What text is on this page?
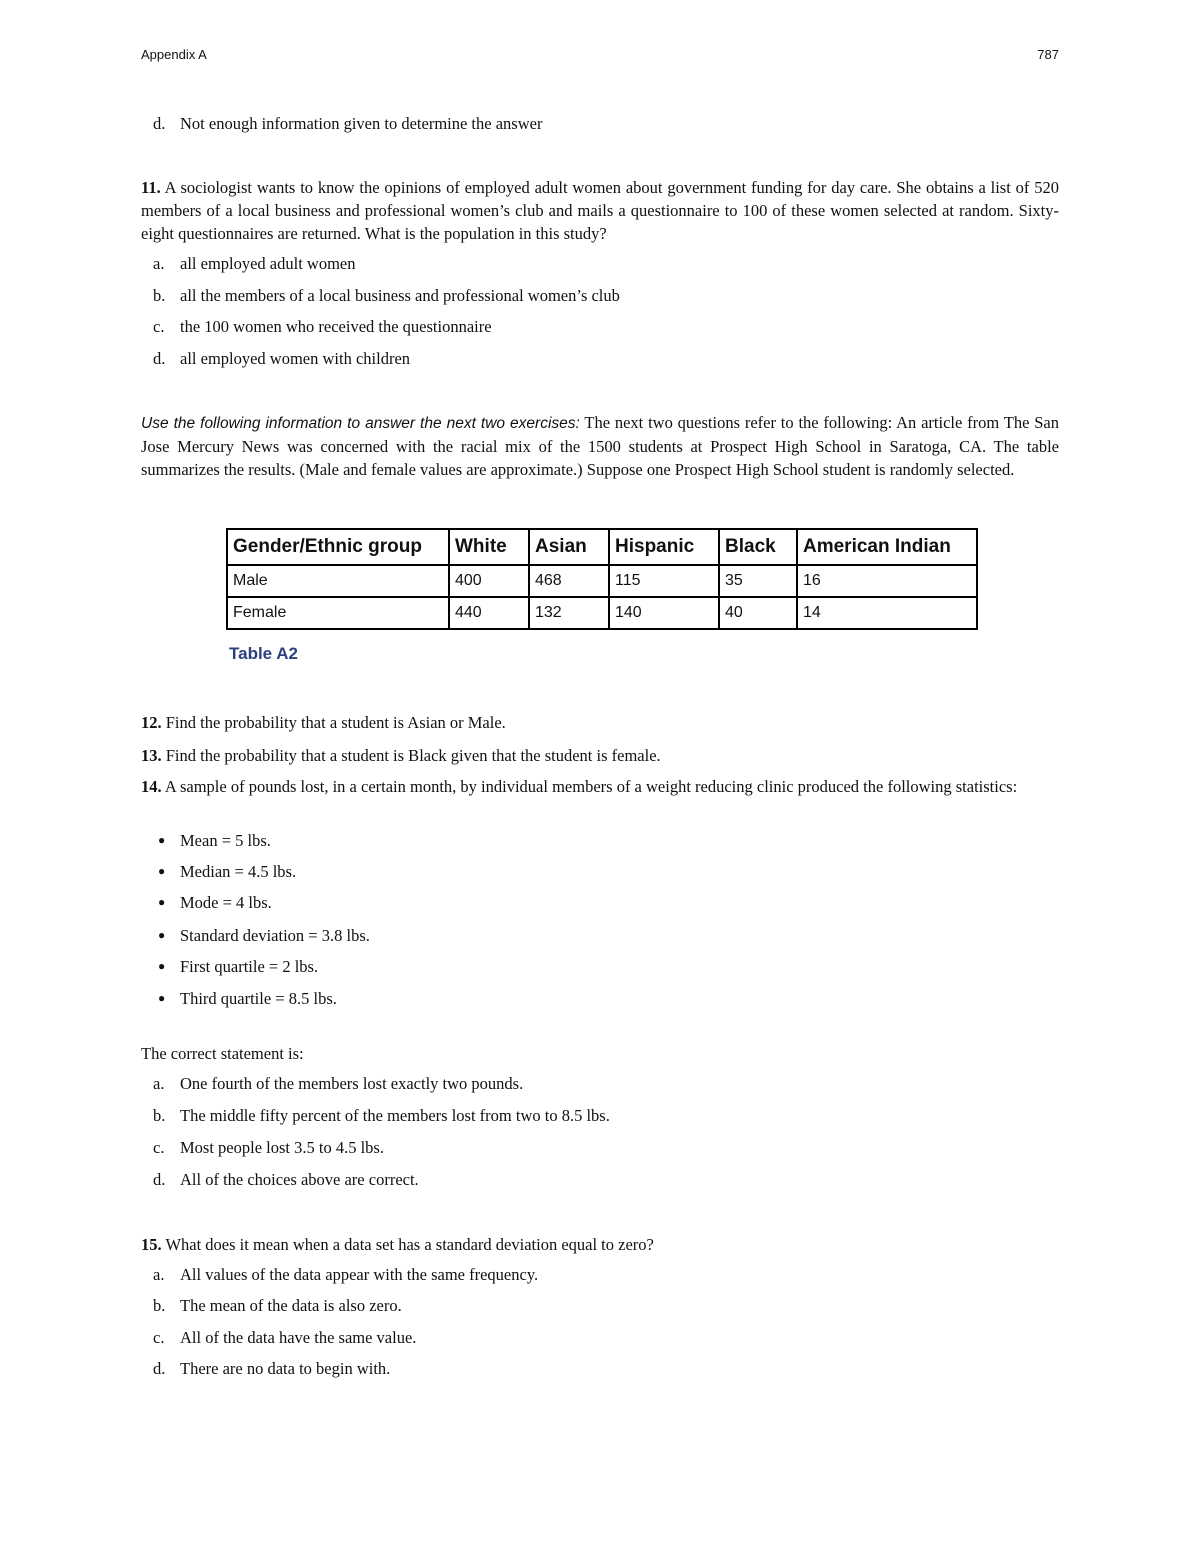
Appendix A	787
d. Not enough information given to determine the answer
11. A sociologist wants to know the opinions of employed adult women about government funding for day care. She obtains a list of 520 members of a local business and professional women’s club and mails a questionnaire to 100 of these women selected at random. Sixty-eight questionnaires are returned. What is the population in this study?
a. all employed adult women
b. all the members of a local business and professional women’s club
c. the 100 women who received the questionnaire
d. all employed women with children
Use the following information to answer the next two exercises: The next two questions refer to the following: An article from The San Jose Mercury News was concerned with the racial mix of the 1500 students at Prospect High School in Saratoga, CA. The table summarizes the results. (Male and female values are approximate.) Suppose one Prospect High School student is randomly selected.
Gender/Ethnic group	White	Asian	Hispanic	Black	American Indian
Male	400	468	115	35	16
Female	440	132	140	40	14
Table A2
12. Find the probability that a student is Asian or Male.
13. Find the probability that a student is Black given that the student is female.
14. A sample of pounds lost, in a certain month, by individual members of a weight reducing clinic produced the following statistics:
● Mean = 5 lbs.
● Median = 4.5 lbs.
● Mode = 4 lbs.
● Standard deviation = 3.8 lbs.
● First quartile = 2 lbs.
● Third quartile = 8.5 lbs.
The correct statement is:
a. One fourth of the members lost exactly two pounds.
b. The middle fifty percent of the members lost from two to 8.5 lbs.
c. Most people lost 3.5 to 4.5 lbs.
d. All of the choices above are correct.
15. What does it mean when a data set has a standard deviation equal to zero?
a. All values of the data appear with the same frequency.
b. The mean of the data is also zero.
c. All of the data have the same value.
d. There are no data to begin with.
